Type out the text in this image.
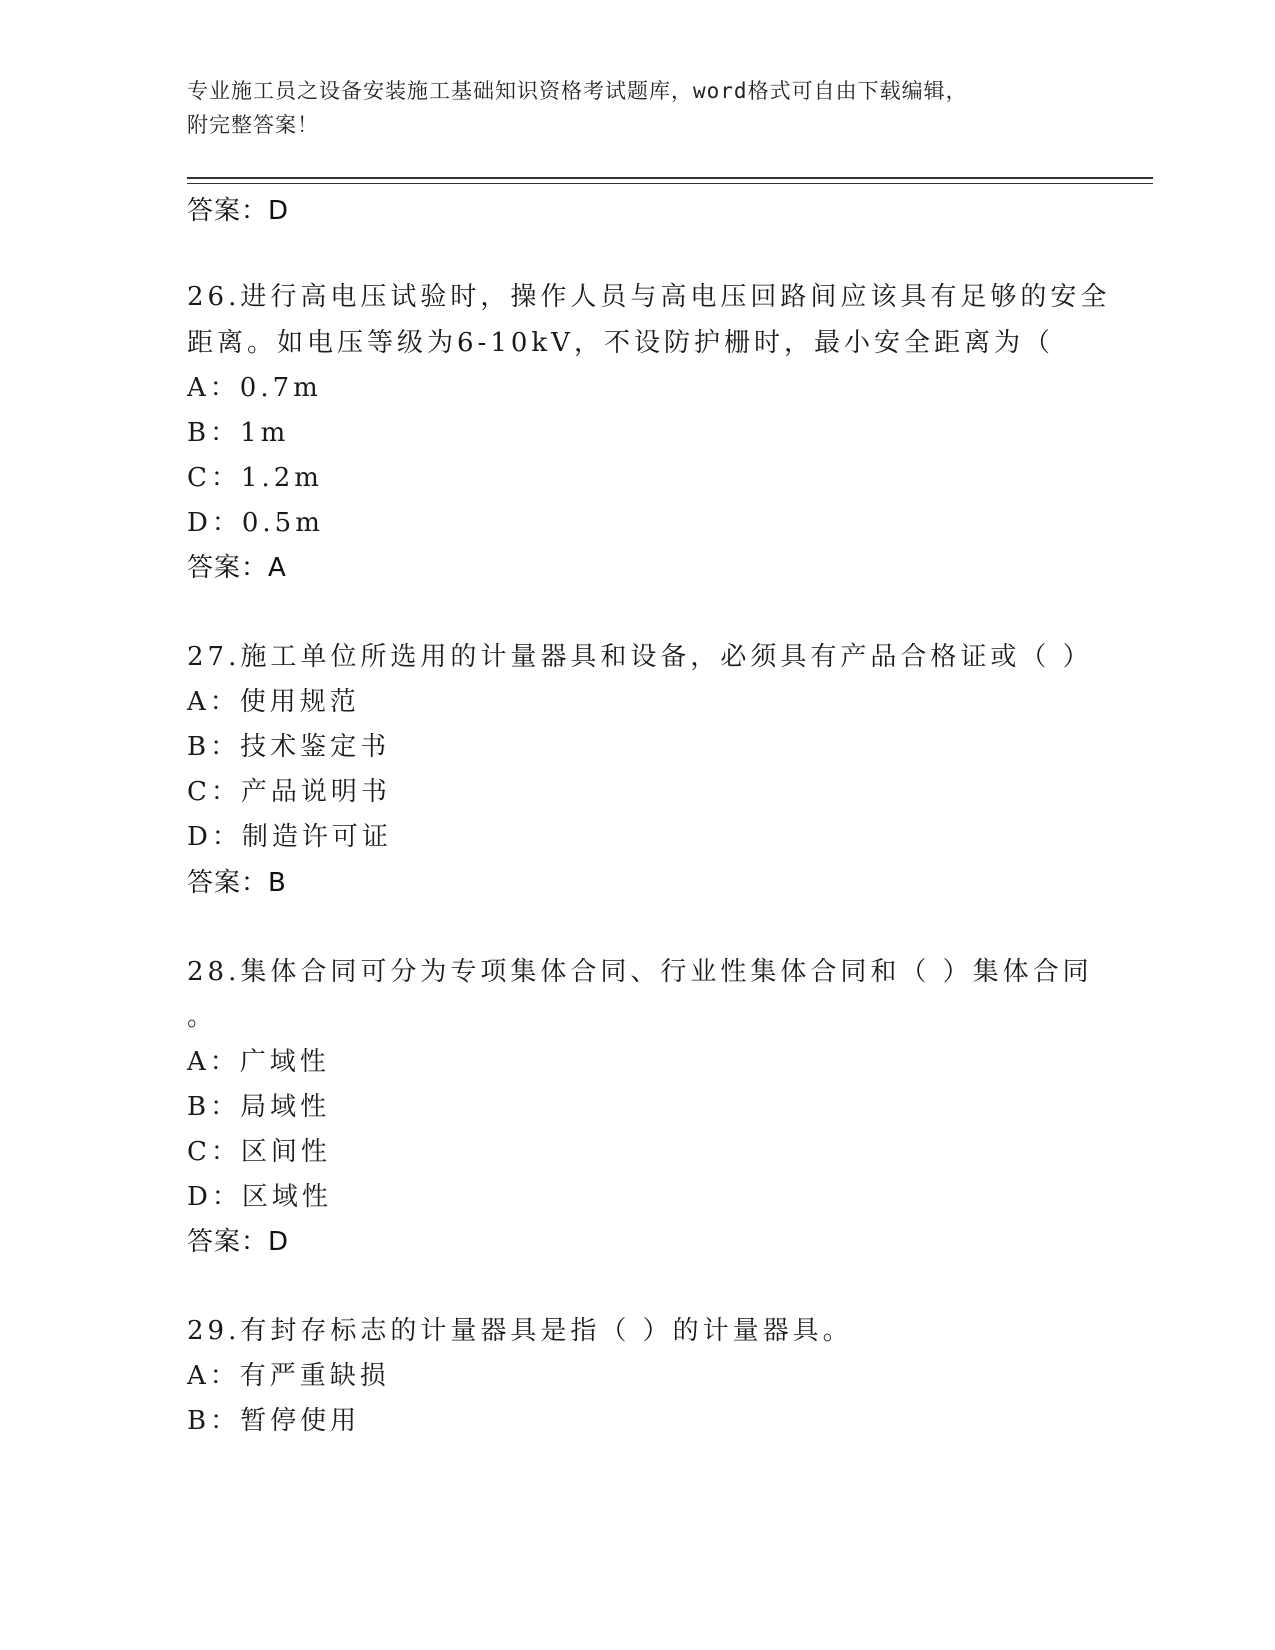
专业施工员之设备安装施工基础知识资格考试题库，word格式可自由下载编辑，
附完整答案！
答案：D
26.进行高电压试验时，操作人员与高电压回路间应该具有足够的安全
距离。如电压等级为6-10kV，不设防护栅时，最小安全距离为（
A：0.7m
B：1m
C：1.2m
D：0.5m
答案：A
27.施工单位所选用的计量器具和设备，必须具有产品合格证或（ ）
A：使用规范
B：技术鉴定书
C：产品说明书
D：制造许可证
答案：B
28.集体合同可分为专项集体合同、行业性集体合同和（ ）集体合同
。
A：广域性
B：局域性
C：区间性
D：区域性
答案：D
29.有封存标志的计量器具是指（ ）的计量器具。
A：有严重缺损
B：暂停使用
